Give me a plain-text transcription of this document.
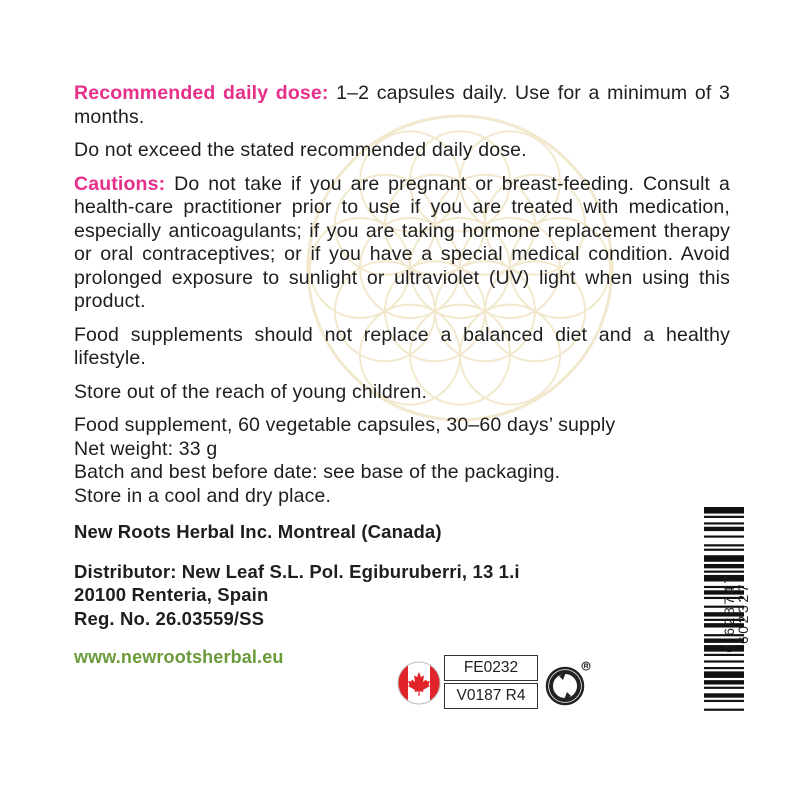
Recommended daily dose: 1–2 capsules daily. Use for a minimum of 3 months.

Do not exceed the stated recommended daily dose.

Cautions: Do not take if you are pregnant or breast-feeding. Consult a health-care practitioner prior to use if you are treated with medication, especially anticoagulants; if you are taking hormone replacement therapy or oral contraceptives; or if you have a special medical condition. Avoid prolonged exposure to sunlight or ultraviolet (UV) light when using this product.

Food supplements should not replace a balanced diet and a healthy lifestyle.

Store out of the reach of young children.

Food supplement, 60 vegetable capsules, 30–60 days’ supply
Net weight: 33 g
Batch and best before date: see base of the packaging.
Store in a cool and dry place.

New Roots Herbal Inc. Montreal (Canada)

Distributor: New Leaf S.L. Pol. Egiburuberri, 13 1.i
20100 Renteria, Spain
Reg. No. 26.03559/SS

www.newrootsherbal.eu

0 628747 602327
FE0232
V0187 R4
